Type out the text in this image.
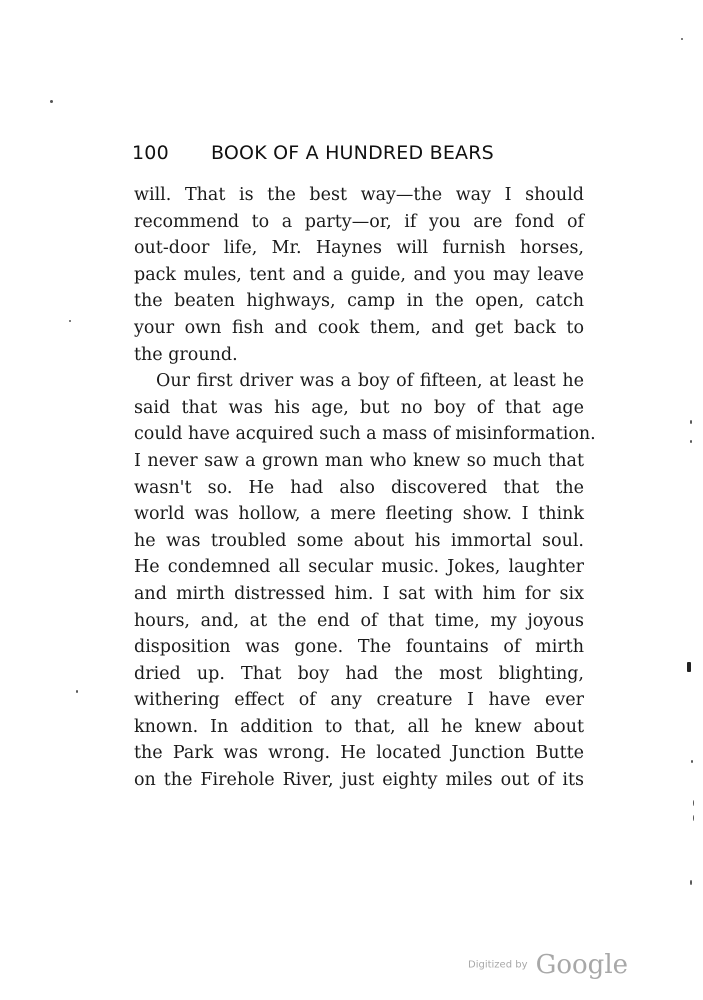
100 BOOK OF A HUNDRED BEARS
will. That is the best way—the way I should
recommend to a party—or, if you are fond of
out-door life, Mr. Haynes will furnish horses,
pack mules, tent and a guide, and you may leave
the beaten highways, camp in the open, catch
your own fish and cook them, and get back to
the ground.
Our first driver was a boy of fifteen, at least he
said that was his age, but no boy of that age
could have acquired such a mass of misinformation.
I never saw a grown man who knew so much that
wasn't so. He had also discovered that the
world was hollow, a mere fleeting show. I think
he was troubled some about his immortal soul.
He condemned all secular music. Jokes, laughter
and mirth distressed him. I sat with him for six
hours, and, at the end of that time, my joyous
disposition was gone. The fountains of mirth
dried up. That boy had the most blighting,
withering effect of any creature I have ever
known. In addition to that, all he knew about
the Park was wrong. He located Junction Butte
on the Firehole River, just eighty miles out of its
Digitized by Google
